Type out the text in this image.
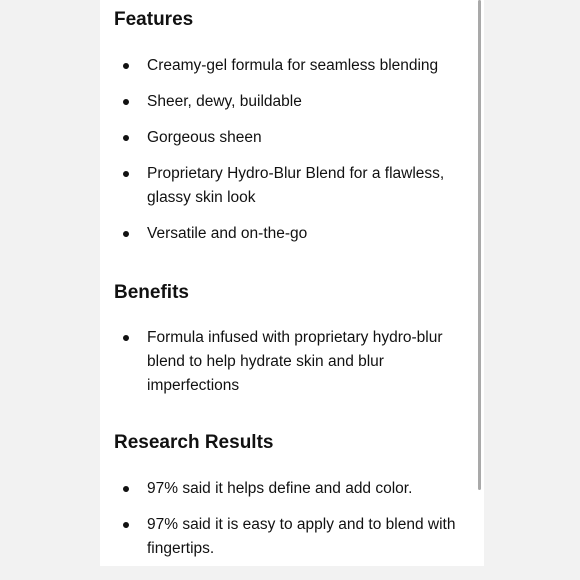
Features
Creamy-gel formula for seamless blending
Sheer, dewy, buildable
Gorgeous sheen
Proprietary Hydro-Blur Blend for a flawless, glassy skin look
Versatile and on-the-go
Benefits
Formula infused with proprietary hydro-blur blend to help hydrate skin and blur imperfections
Research Results
97% said it helps define and add color.
97% said it is easy to apply and to blend with fingertips.
